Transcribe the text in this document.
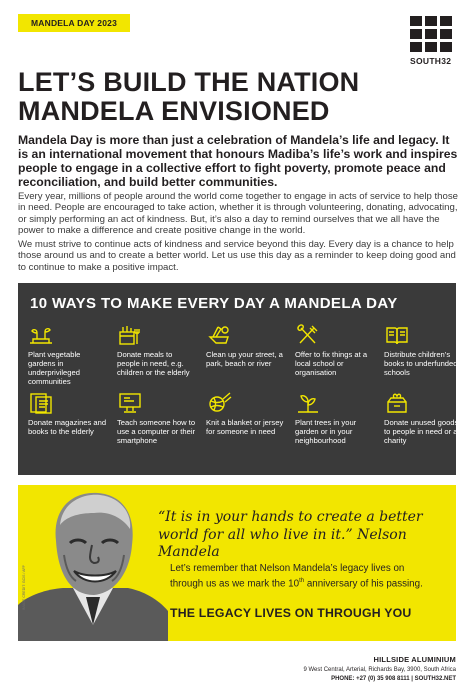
MANDELA DAY 2023
SOUTH32
LET’S BUILD THE NATION
MANDELA ENVISIONED

Mandela Day is more than just a celebration of Mandela’s life and legacy. It is an international movement that honours Madiba’s life’s work and inspires people to engage in a collective effort to fight poverty, promote peace and reconciliation, and build better communities.

Every year, millions of people around the world come together to engage in acts of service to help those in need. People are encouraged to take action, whether it is through volunteering, donating, advocating, or simply performing an act of kindness. But, it’s also a day to remind ourselves that we all have the power to make a difference and create positive change in the world.

We must strive to continue acts of kindness and service beyond this day. Every day is a chance to help those around us and to create a better world. Let us use this day as a reminder to keep doing good and to continue to make a positive impact.

10 WAYS TO MAKE EVERY DAY A MANDELA DAY
Plant vegetable gardens in underprivileged communities
Donate meals to people in need, e.g. children or the elderly
Clean up your street, a park, beach or river
Offer to fix things at a local school or organisation
Distribute children’s books to underfunded schools
Donate magazines and books to the elderly
Teach someone how to use a computer or their smartphone
Knit a blanket or jersey for someone in need
Plant trees in your garden or in your neighbourhood
Donate unused goods to people in need or a charity
IMAGE CREDIT: GCIS / AFP

“It is in your hands to create a better world for all who live in it.” Nelson Mandela

Let’s remember that Nelson Mandela’s legacy lives on through us as we mark the 10th anniversary of his passing.

THE LEGACY LIVES ON THROUGH YOU
HILLSIDE ALUMINIUM
9 West Central, Arterial, Richards Bay, 3900, South Africa
PHONE: +27 (0) 35 908 8111 | SOUTH32.NET
